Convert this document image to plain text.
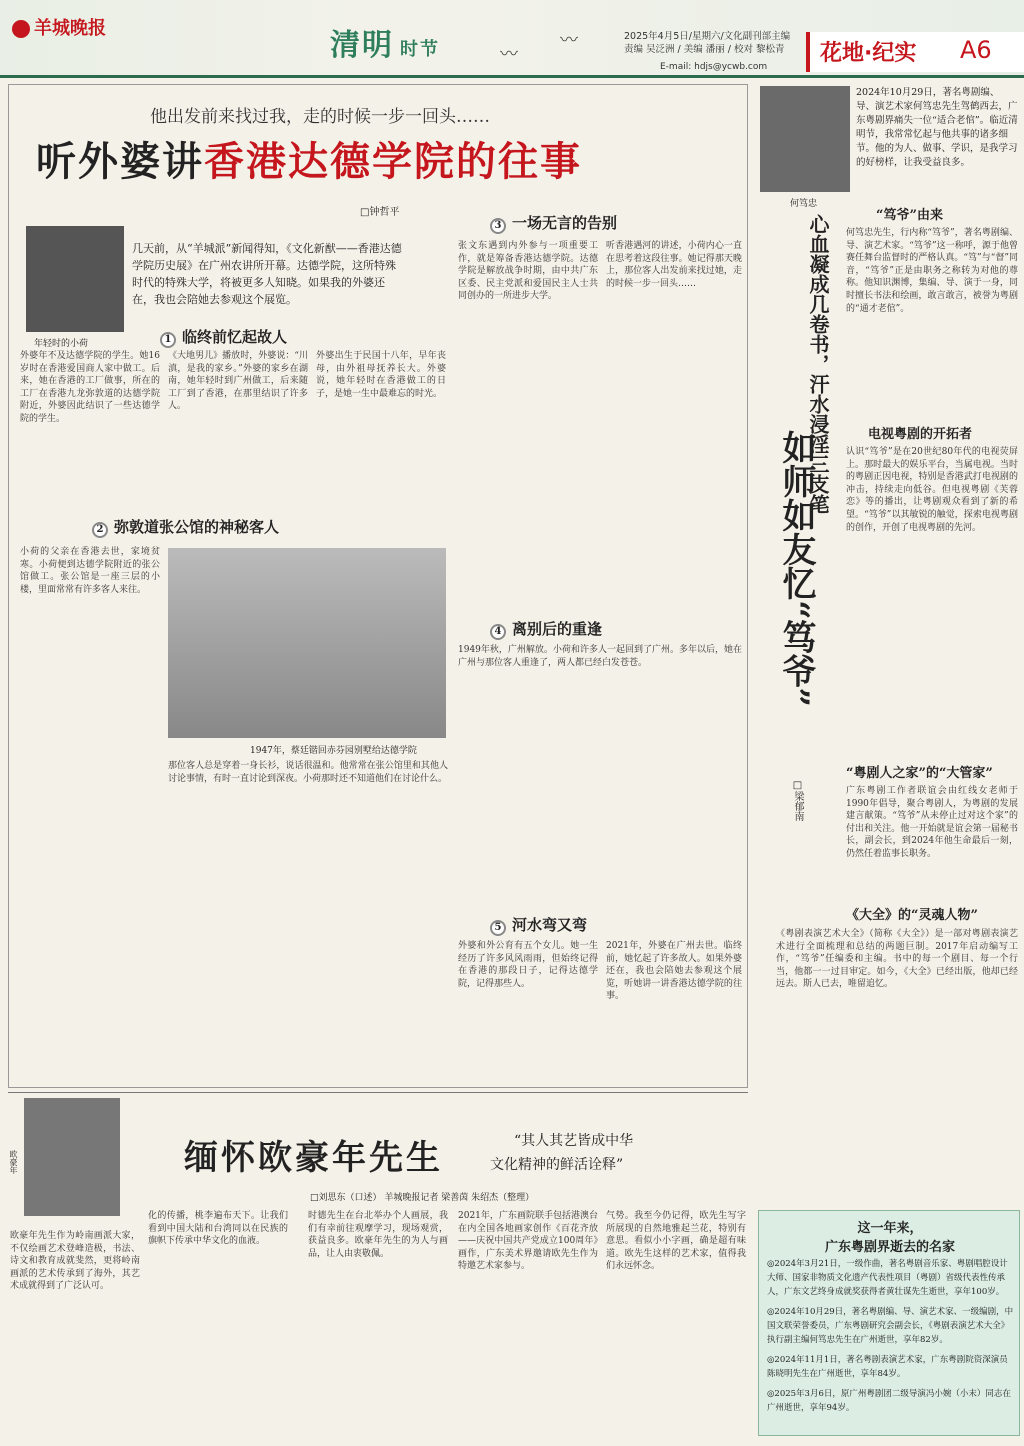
羊城晚报	清明 时节	〰
〰	2025年4月5日/星期六/文化副刊部主编
责编 吴泛洲 / 美编 潘丽 / 校对 黎松青
E-mail: hdjs@ycwb.com
花地·纪实 A6
他出发前来找过我，走的时候一步一回头……
听外婆讲香港达德学院的往事
□钟哲平
年轻时的小荷
几天前，从“羊城派”新闻得知，《文化新猷——香港达德学院历史展》在广州农讲所开幕。达德学院，这所特殊时代的特殊大学，将被更多人知晓。如果我的外婆还在，我也会陪她去参观这个展览。
1 临终前忆起故人
2 弥敦道张公馆的神秘客人
3 一场无言的告别
4 离别后的重逢
5 河水弯又弯
外婆年不及达德学院的学生。她16岁时在香港爱国商人家中做工。后来，她在香港的工厂做事，所在的工厂在香港九龙弥敦道的达德学院附近，外婆因此结识了一些达德学院的学生。
《大地男儿》播放时，外婆说：“川滇，是我的家乡。”外婆的家乡在湖南，她年轻时到广州做工，后来随工厂到了香港，在那里结识了许多人。
外婆出生于民国十八年，早年丧母，由外祖母抚养长大。外婆说，她年轻时在香港做工的日子，是她一生中最难忘的时光。
张文东遇到内外参与一项重要工作，就是筹备香港达德学院。达德学院是解放战争时期，由中共广东区委、民主党派和爱国民主人士共同创办的一所进步大学。
听香港遇河的讲述，小荷内心一直在思考着这段往事。她记得那天晚上，那位客人出发前来找过她，走的时候一步一回头……
小荷的父亲在香港去世，家境贫寒。小荷便到达德学院附近的张公馆做工。张公馆是一座三层的小楼，里面常常有许多客人来往。
那位客人总是穿着一身长衫，说话很温和。他常常在张公馆里和其他人讨论事情，有时一直讨论到深夜。小荷那时还不知道他们在讨论什么。
1949年秋，广州解放。小荷和许多人一起回到了广州。多年以后，她在广州与那位客人重逢了，两人都已经白发苍苍。
外婆和外公育有五个女儿。她一生经历了许多风风雨雨，但始终记得在香港的那段日子，记得达德学院，记得那些人。
2021年，外婆在广州去世。临终前，她忆起了许多故人。如果外婆还在，我也会陪她去参观这个展览，听她讲一讲香港达德学院的往事。
1947年，蔡廷锴回赤芬园别墅给达德学院
何笃忠
2024年10月29日，著名粤剧编、导、演艺术家何笃忠先生驾鹤西去，广东粤剧界痛失一位“适合老倌”。临近清明节，我常常忆起与他共事的诸多细节。他的为人、做事、学识，是我学习的好榜样，让我受益良多。
心血凝成几卷书，汗水浸淫三支笔
如师如友忆“笃爷”
□梁郁南
“笃爷”由来
何笃忠先生，行内称“笃爷”，著名粤剧编、导、演艺术家。“笃爷”这一称呼，源于他曾赛任舞台监督时的严格认真。“笃”与“督”同音，“笃爷”正是由职务之称转为对他的尊称。他知识渊博，集编、导、演于一身，同时擅长书法和绘画，敢言敢言，被誉为粤剧的“通才老倌”。
电视粤剧的开拓者
认识“笃爷”是在20世纪80年代的电视荧屏上。那时最大的娱乐平台，当属电视。当时的粤剧正因电视，特别是香港武打电视剧的冲击，持续走向低谷。但电视粤剧《芙蓉恋》等的播出，让粤剧观众看到了新的希望。“笃爷”以其敏锐的触觉，探索电视粤剧的创作，开创了电视粤剧的先河。
“粤剧人之家”的“大管家”
广东粤剧工作者联谊会由红线女老师于1990年倡导，聚合粤剧人，为粤剧的发展建言献策。“笃爷”从未停止过对这个家”的付出和关注。他一开始就是谊会第一届秘书长，副会长，到2024年他生命最后一刻，仍然任着监事长职务。
《大全》的“灵魂人物”
《粤剧表演艺术大全》（简称《大全》）是一部对粤剧表演艺术进行全面梳理和总结的两题巨制。2017年启动编写工作，“笃爷”任编委和主编。书中的每一个剧目、每一个行当，他都一一过目审定。如今，《大全》已经出版，他却已经远去。斯人已去，唯留追忆。
欧豪年	缅怀欧豪年先生	“其人其艺皆成中华
文化精神的鲜活诠释”
□刘思东（口述） 羊城晚报记者 梁善茵 朱绍杰（整理）
欧豪年先生作为岭南画派大家，不仅绘画艺术登峰造极，书法、诗文和教育成就斐然，更将岭南画派的艺术传承到了海外，其艺术成就得到了广泛认可。
化的传播，桃李遍布天下。让我们看到中国大陆和台湾同以在民族的旗帜下传承中华文化的血液。
时德先生在台北举办个人画展，我们有幸前往观摩学习，现场观赏，获益良多。欧豪年先生的为人与画品，让人由衷敬佩。
2021年，广东画院联手包括港澳台在内全国各地画家创作《百花齐放——庆祝中国共产党成立100周年》画作，广东美术界邀请欧先生作为特邀艺术家参与。
气势。我至今仍记得，欧先生写字所展现的自然地雅起兰花，特别有意思。看似小小字画，确是超有味道。欧先生这样的艺术家，值得我们永远怀念。
这一年来，
广东粤剧界逝去的名家
◎2024年3月21日，一级作曲，著名粤剧音乐家、粤剧唱腔设计大师、国家非物质文化遗产代表性项目（粤剧）省级代表性传承人，广东文艺终身成就奖获得者黄壮谋先生逝世，享年100岁。
◎2024年10月29日，著名粤剧编、导、演艺术家、一级编剧，中国文联荣誉委员，广东粤剧研究会副会长，《粤剧表演艺术大全》执行副主编何笃忠先生在广州逝世，享年82岁。
◎2024年11月1日，著名粤剧表演艺术家，广东粤剧院资深演员陈晓明先生在广州逝世，享年84岁。
◎2025年3月6日，原广州粤剧团二级导演冯小婉（小末）同志在广州逝世，享年94岁。
